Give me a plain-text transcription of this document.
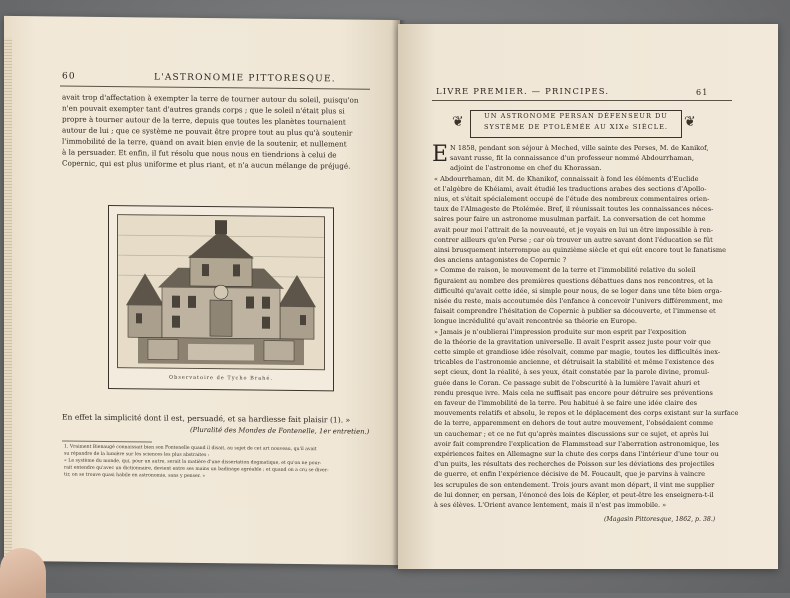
60	L'ASTRONOMIE PITTORESQUE.
avait trop d'affectation à exempter la terre de tourner autour du soleil, puisqu'on
n'en pouvait exempter tant d'autres grands corps ; que le soleil n'était plus si
propre à tourner autour de la terre, depuis que toutes les planètes tournaient
autour de lui ; que ce système ne pouvait être propre tout au plus qu'à soutenir
l'immobilité de la terre, quand on avait bien envie de la soutenir, et nullement
à la persuader. Et enfin, il fut résolu que nous nous en tiendrions à celui de
Copernic, qui est plus uniforme et plus riant, et n'a aucun mélange de préjugé.
Observatoire de Tycho Brahé.
En effet la simplicité dont il est, persuadé, et sa hardiesse fait plaisir (1). »
(Pluralité des Mondes de Fontenelle, 1er entretien.)
1. Vraiment Bienaugé connaissait bien son Fontenelle quand il disait, au sujet de cet art nouveau, qu'il avait
su répandre de la lumière sur les sciences les plus abstraites :
« Le système du monde, qui, pour un autre, serait la matière d'une dissertation dogmatique, et qu'on ne pour-
rait entendre qu'avec un dictionnaire, devient entre ses mains un badinage agréable ; et quand on a cru se diver-
tir, on se trouve quasi habile en astronomie, sans y penser. »
LIVRE PREMIER. — PRINCIPES.	61
❦	UN ASTRONOME PERSAN DÉFENSEUR DU
SYSTÈME DE PTOLÉMÉE AU XIXe SIÈCLE.	❦
E N 1858, pendant son séjour à Meched, ville sainte des Perses, M. de Kanikof,
savant russe, fit la connaissance d'un professeur nommé Abdourrhaman,
adjoint de l'astronome en chef du Khorassan.
« Abdourrhaman, dit M. de Khanikof, connaissait à fond les éléments d'Euclide
et l'algèbre de Khéiami, avait étudié les traductions arabes des sections d'Apollo-
nius, et s'était spécialement occupé de l'étude des nombreux commentaires orien-
taux de l'Almageste de Ptolémée. Bref, il réunissait toutes les connaissances néces-
saires pour faire un astronome musulman parfait. La conversation de cet homme
avait pour moi l'attrait de la nouveauté, et je voyais en lui un être impossible à ren-
contrer ailleurs qu'en Perse ; car où trouver un autre savant dont l'éducation se fût
ainsi brusquement interrompue au quinzième siècle et qui eût encore tout le fanatisme
des anciens antagonistes de Copernic ?
» Comme de raison, le mouvement de la terre et l'immobilité relative du soleil
figuraient au nombre des premières questions débattues dans nos rencontres, et la
difficulté qu'avait cette idée, si simple pour nous, de se loger dans une tête bien orga-
nisée du reste, mais accoutumée dès l'enfance à concevoir l'univers différemment, me
faisait comprendre l'hésitation de Copernic à publier sa découverte, et l'immense et
longue incrédulité qu'avait rencontrée sa théorie en Europe.
» Jamais je n'oublierai l'impression produite sur mon esprit par l'exposition
de la théorie de la gravitation universelle. Il avait l'esprit assez juste pour voir que
cette simple et grandiose idée résolvait, comme par magie, toutes les difficultés inex-
tricables de l'astronomie ancienne, et détruisait la stabilité et même l'existence des
sept cieux, dont la réalité, à ses yeux, était constatée par la parole divine, promul-
guée dans le Coran. Ce passage subit de l'obscurité à la lumière l'avait ahuri et
rendu presque ivre. Mais cela ne suffisait pas encore pour détruire ses préventions
en faveur de l'immobilité de la terre. Peu habitué à se faire une idée claire des
mouvements relatifs et absolu, le repos et le déplacement des corps existant sur la surface
de la terre, apparemment en dehors de tout autre mouvement, l'obsédaient comme
un cauchemar ; et ce ne fut qu'après maintes discussions sur ce sujet, et après lui
avoir fait comprendre l'explication de Flammstead sur l'aberration astronomique, les
expériences faites en Allemagne sur la chute des corps dans l'intérieur d'une tour ou
d'un puits, les résultats des recherches de Poisson sur les déviations des projectiles
de guerre, et enfin l'expérience décisive de M. Foucault, que je parvins à vaincre
les scrupules de son entendement. Trois jours avant mon départ, il vint me supplier
de lui donner, en persan, l'énoncé des lois de Képler, et peut-être les enseignera-t-il
à ses élèves. L'Orient avance lentement, mais il n'est pas immobile. »
(Magasin Pittoresque, 1862, p. 38.)
